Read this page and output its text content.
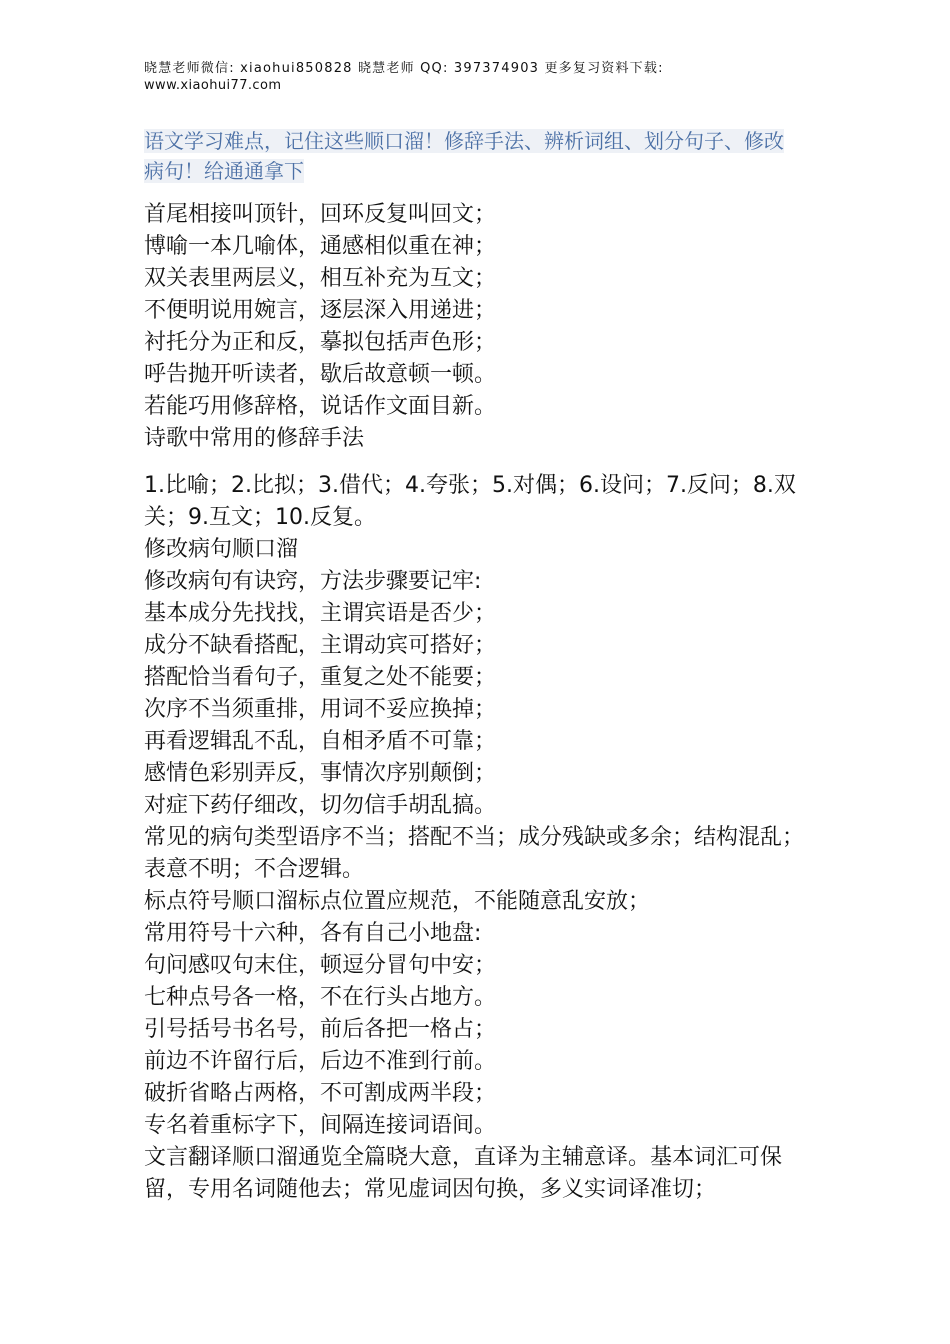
晓慧老师微信: xiaohui850828 晓慧老师 QQ: 397374903 更多复习资料下载:
www.xiaohui77.com
语文学习难点，记住这些顺口溜！修辞手法、辨析词组、划分句子、修改病句！给通通拿下
首尾相接叫顶针，回环反复叫回文；
博喻一本几喻体，通感相似重在神；
双关表里两层义，相互补充为互文；
不便明说用婉言，逐层深入用递进；
衬托分为正和反，摹拟包括声色形；
呼告抛开听读者，歇后故意顿一顿。
若能巧用修辞格，说话作文面目新。
诗歌中常用的修辞手法
1.比喻；2.比拟；3.借代；4.夸张；5.对偶；6.设问；7.反问；8.双关；9.互文；10.反复。
修改病句顺口溜
修改病句有诀窍，方法步骤要记牢:
基本成分先找找，主谓宾语是否少；
成分不缺看搭配，主谓动宾可搭好；
搭配恰当看句子，重复之处不能要；
次序不当须重排，用词不妥应换掉；
再看逻辑乱不乱，自相矛盾不可靠；
感情色彩别弄反，事情次序别颠倒；
对症下药仔细改，切勿信手胡乱搞。
常见的病句类型语序不当；搭配不当；成分残缺或多余；结构混乱；表意不明；不合逻辑。
标点符号顺口溜标点位置应规范，不能随意乱安放；
常用符号十六种，各有自己小地盘:
句问感叹句末住，顿逗分冒句中安；
七种点号各一格，不在行头占地方。
引号括号书名号，前后各把一格占；
前边不许留行后，后边不准到行前。
破折省略占两格，不可割成两半段；
专名着重标字下，间隔连接词语间。
文言翻译顺口溜通览全篇晓大意，直译为主辅意译。基本词汇可保留，专用名词随他去；常见虚词因句换，多义实词译准切；
